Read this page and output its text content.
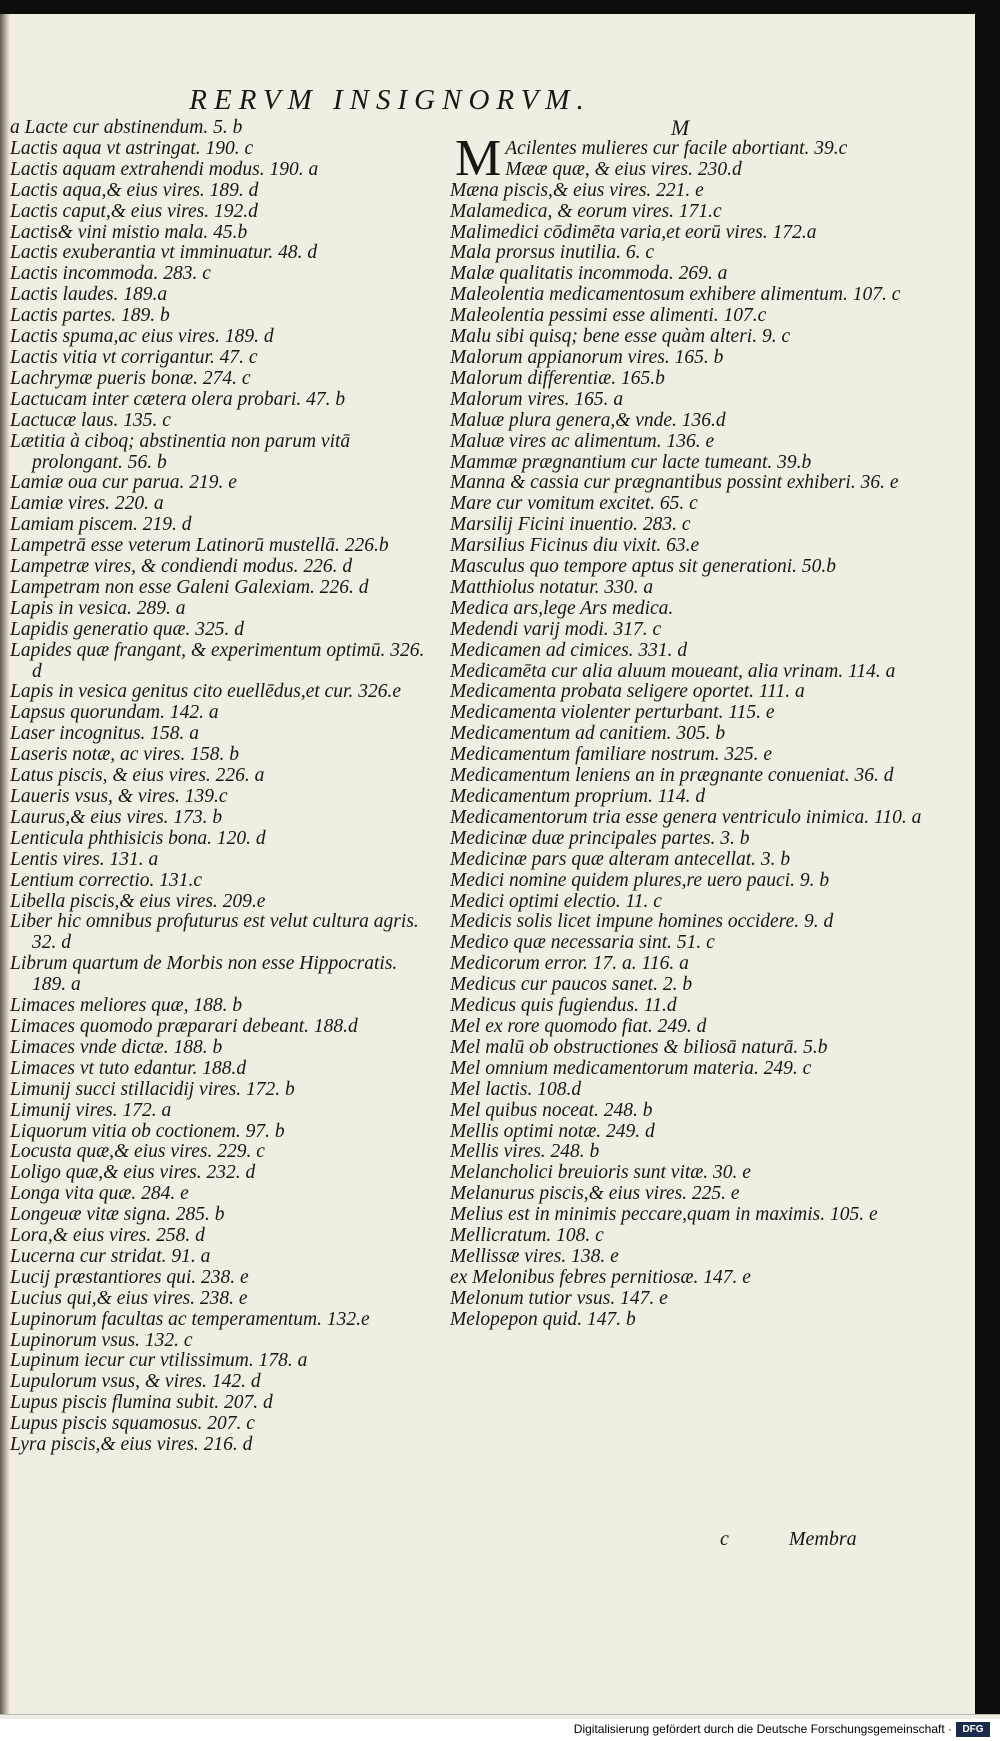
RERVM INSIGNORVM.
a Lacte cur abstinendum. 5. b
Lactis aqua vt astringat. 190. c
Lactis aquam extrahendi modus. 190. a
Lactis aqua,& eius vires. 189. d
Lactis caput,& eius vires. 192.d
Lactis& vini mistio mala. 45.b
Lactis exuberantia vt imminuatur. 48. d
Lactis incommoda. 283. c
Lactis laudes. 189.a
Lactis partes. 189. b
Lactis spuma,ac eius vires. 189. d
Lactis vitia vt corrigantur. 47. c
Lachrymæ pueris bonæ. 274. c
Lactucam inter cætera olera probari. 47. b
Lactucæ laus. 135. c
Lætitia à ciboq; abstinentia non parum vitā prolongant. 56. b
Lamiæ oua cur parua. 219. e
Lamiæ vires. 220. a
Lamiam piscem. 219. d
Lampetrā esse veterum Latinorū mustellā. 226.b
Lampetræ vires, & condiendi modus. 226. d
Lampetram non esse Galeni Galexiam. 226. d
Lapis in vesica. 289. a
Lapidis generatio quæ. 325. d
Lapides quæ frangant, & experimentum optimū. 326. d
Lapis in vesica genitus cito euellēdus,et cur. 326.e
Lapsus quorundam. 142. a
Laser incognitus. 158. a
Laseris notæ, ac vires. 158. b
Latus piscis, & eius vires. 226. a
Laueris vsus, & vires. 139.c
Laurus,& eius vires. 173. b
Lenticula phthisicis bona. 120. d
Lentis vires. 131. a
Lentium correctio. 131.c
Libella piscis,& eius vires. 209.e
Liber hic omnibus profuturus est velut cultura agris. 32. d
Librum quartum de Morbis non esse Hippocratis. 189. a
Limaces meliores quæ, 188. b
Limaces quomodo præparari debeant. 188.d
Limaces vnde dictæ. 188. b
Limaces vt tuto edantur. 188.d
Limunij succi stillacidij vires. 172. b
Limunij vires. 172. a
Liquorum vitia ob coctionem. 97. b
Locusta quæ,& eius vires. 229. c
Loligo quæ,& eius vires. 232. d
Longa vita quæ. 284. e
Longeuæ vitæ signa. 285. b
Lora,& eius vires. 258. d
Lucerna cur stridat. 91. a
Lucij præstantiores qui. 238. e
Lucius qui,& eius vires. 238. e
Lupinorum facultas ac temperamentum. 132.e
Lupinorum vsus. 132. c
Lupinum iecur cur vtilissimum. 178. a
Lupulorum vsus, & vires. 142. d
Lupus piscis flumina subit. 207. d
Lupus piscis squamosus. 207. c
Lyra piscis,& eius vires. 216. d
M
M Acilentes mulieres cur facile abortiant. 39.c
Mææ quæ, & eius vires. 230.d
Mæna piscis,& eius vires. 221. e
Malamedica, & eorum vires. 171.c
Malimedici cōdimēta varia,et eorū vires. 172.a
Mala prorsus inutilia. 6. c
Malæ qualitatis incommoda. 269. a
Maleolentia medicamentosum exhibere alimentum. 107. c
Maleolentia pessimi esse alimenti. 107.c
Malu sibi quisq; bene esse quàm alteri. 9. c
Malorum appianorum vires. 165. b
Malorum differentiæ. 165.b
Malorum vires. 165. a
Maluæ plura genera,& vnde. 136.d
Maluæ vires ac alimentum. 136. e
Mammæ prægnantium cur lacte tumeant. 39.b
Manna & cassia cur prægnantibus possint exhiberi. 36. e
Mare cur vomitum excitet. 65. c
Marsilij Ficini inuentio. 283. c
Marsilius Ficinus diu vixit. 63.e
Masculus quo tempore aptus sit generationi. 50.b
Matthiolus notatur. 330. a
Medica ars,lege Ars medica.
Medendi varij modi. 317. c
Medicamen ad cimices. 331. d
Medicamēta cur alia aluum moueant, alia vrinam. 114. a
Medicamenta probata seligere oportet. 111. a
Medicamenta violenter perturbant. 115. e
Medicamentum ad canitiem. 305. b
Medicamentum familiare nostrum. 325. e
Medicamentum leniens an in prægnante conueniat. 36. d
Medicamentum proprium. 114. d
Medicamentorum tria esse genera ventriculo inimica. 110. a
Medicinæ duæ principales partes. 3. b
Medicinæ pars quæ alteram antecellat. 3. b
Medici nomine quidem plures,re uero pauci. 9. b
Medici optimi electio. 11. c
Medicis solis licet impune homines occidere. 9. d
Medico quæ necessaria sint. 51. c
Medicorum error. 17. a. 116. a
Medicus cur paucos sanet. 2. b
Medicus quis fugiendus. 11.d
Mel ex rore quomodo fiat. 249. d
Mel malū ob obstructiones & biliosā naturā. 5.b
Mel omnium medicamentorum materia. 249. c
Mel lactis. 108.d
Mel quibus noceat. 248. b
Mellis optimi notæ. 249. d
Mellis vires. 248. b
Melancholici breuioris sunt vitæ. 30. e
Melanurus piscis,& eius vires. 225. e
Melius est in minimis peccare,quam in maximis. 105. e
Mellicratum. 108. c
Mellissæ vires. 138. e
ex Melonibus febres pernitiosæ. 147. e
Melonum tutior vsus. 147. e
Melopepon quid. 147. b
c	Membra
Digitalisierung gefördert durch die Deutsche Forschungsgemeinschaft ·	DFG
